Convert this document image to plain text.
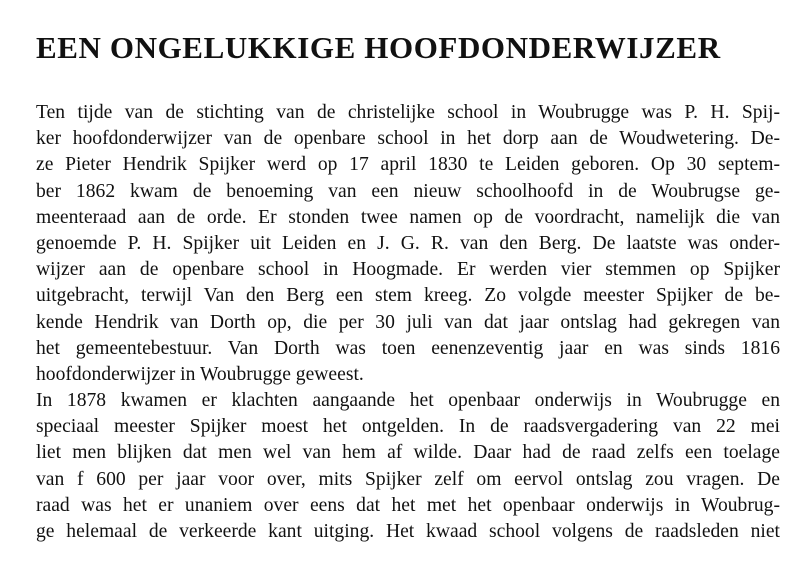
EEN ONGELUKKIGE HOOFDONDERWIJZER
Ten tijde van de stichting van de christelijke school in Woubrugge was P. H. Spij-
ker hoofdonderwijzer van de openbare school in het dorp aan de Woudwetering. De-
ze Pieter Hendrik Spijker werd op 17 april 1830 te Leiden geboren. Op 30 septem-
ber 1862 kwam de benoeming van een nieuw schoolhoofd in de Woubrugse ge-
meenteraad aan de orde. Er stonden twee namen op de voordracht, namelijk die van
genoemde P. H. Spijker uit Leiden en J. G. R. van den Berg. De laatste was onder-
wijzer aan de openbare school in Hoogmade. Er werden vier stemmen op Spijker
uitgebracht, terwijl Van den Berg een stem kreeg. Zo volgde meester Spijker de be-
kende Hendrik van Dorth op, die per 30 juli van dat jaar ontslag had gekregen van
het gemeentebestuur. Van Dorth was toen eenenzeventig jaar en was sinds 1816
hoofdonderwijzer in Woubrugge geweest.
In 1878 kwamen er klachten aangaande het openbaar onderwijs in Woubrugge en
speciaal meester Spijker moest het ontgelden. In de raadsvergadering van 22 mei
liet men blijken dat men wel van hem af wilde. Daar had de raad zelfs een toelage
van f 600 per jaar voor over, mits Spijker zelf om eervol ontslag zou vragen. De
raad was het er unaniem over eens dat het met het openbaar onderwijs in Woubrug-
ge helemaal de verkeerde kant uitging. Het kwaad school volgens de raadsleden niet
